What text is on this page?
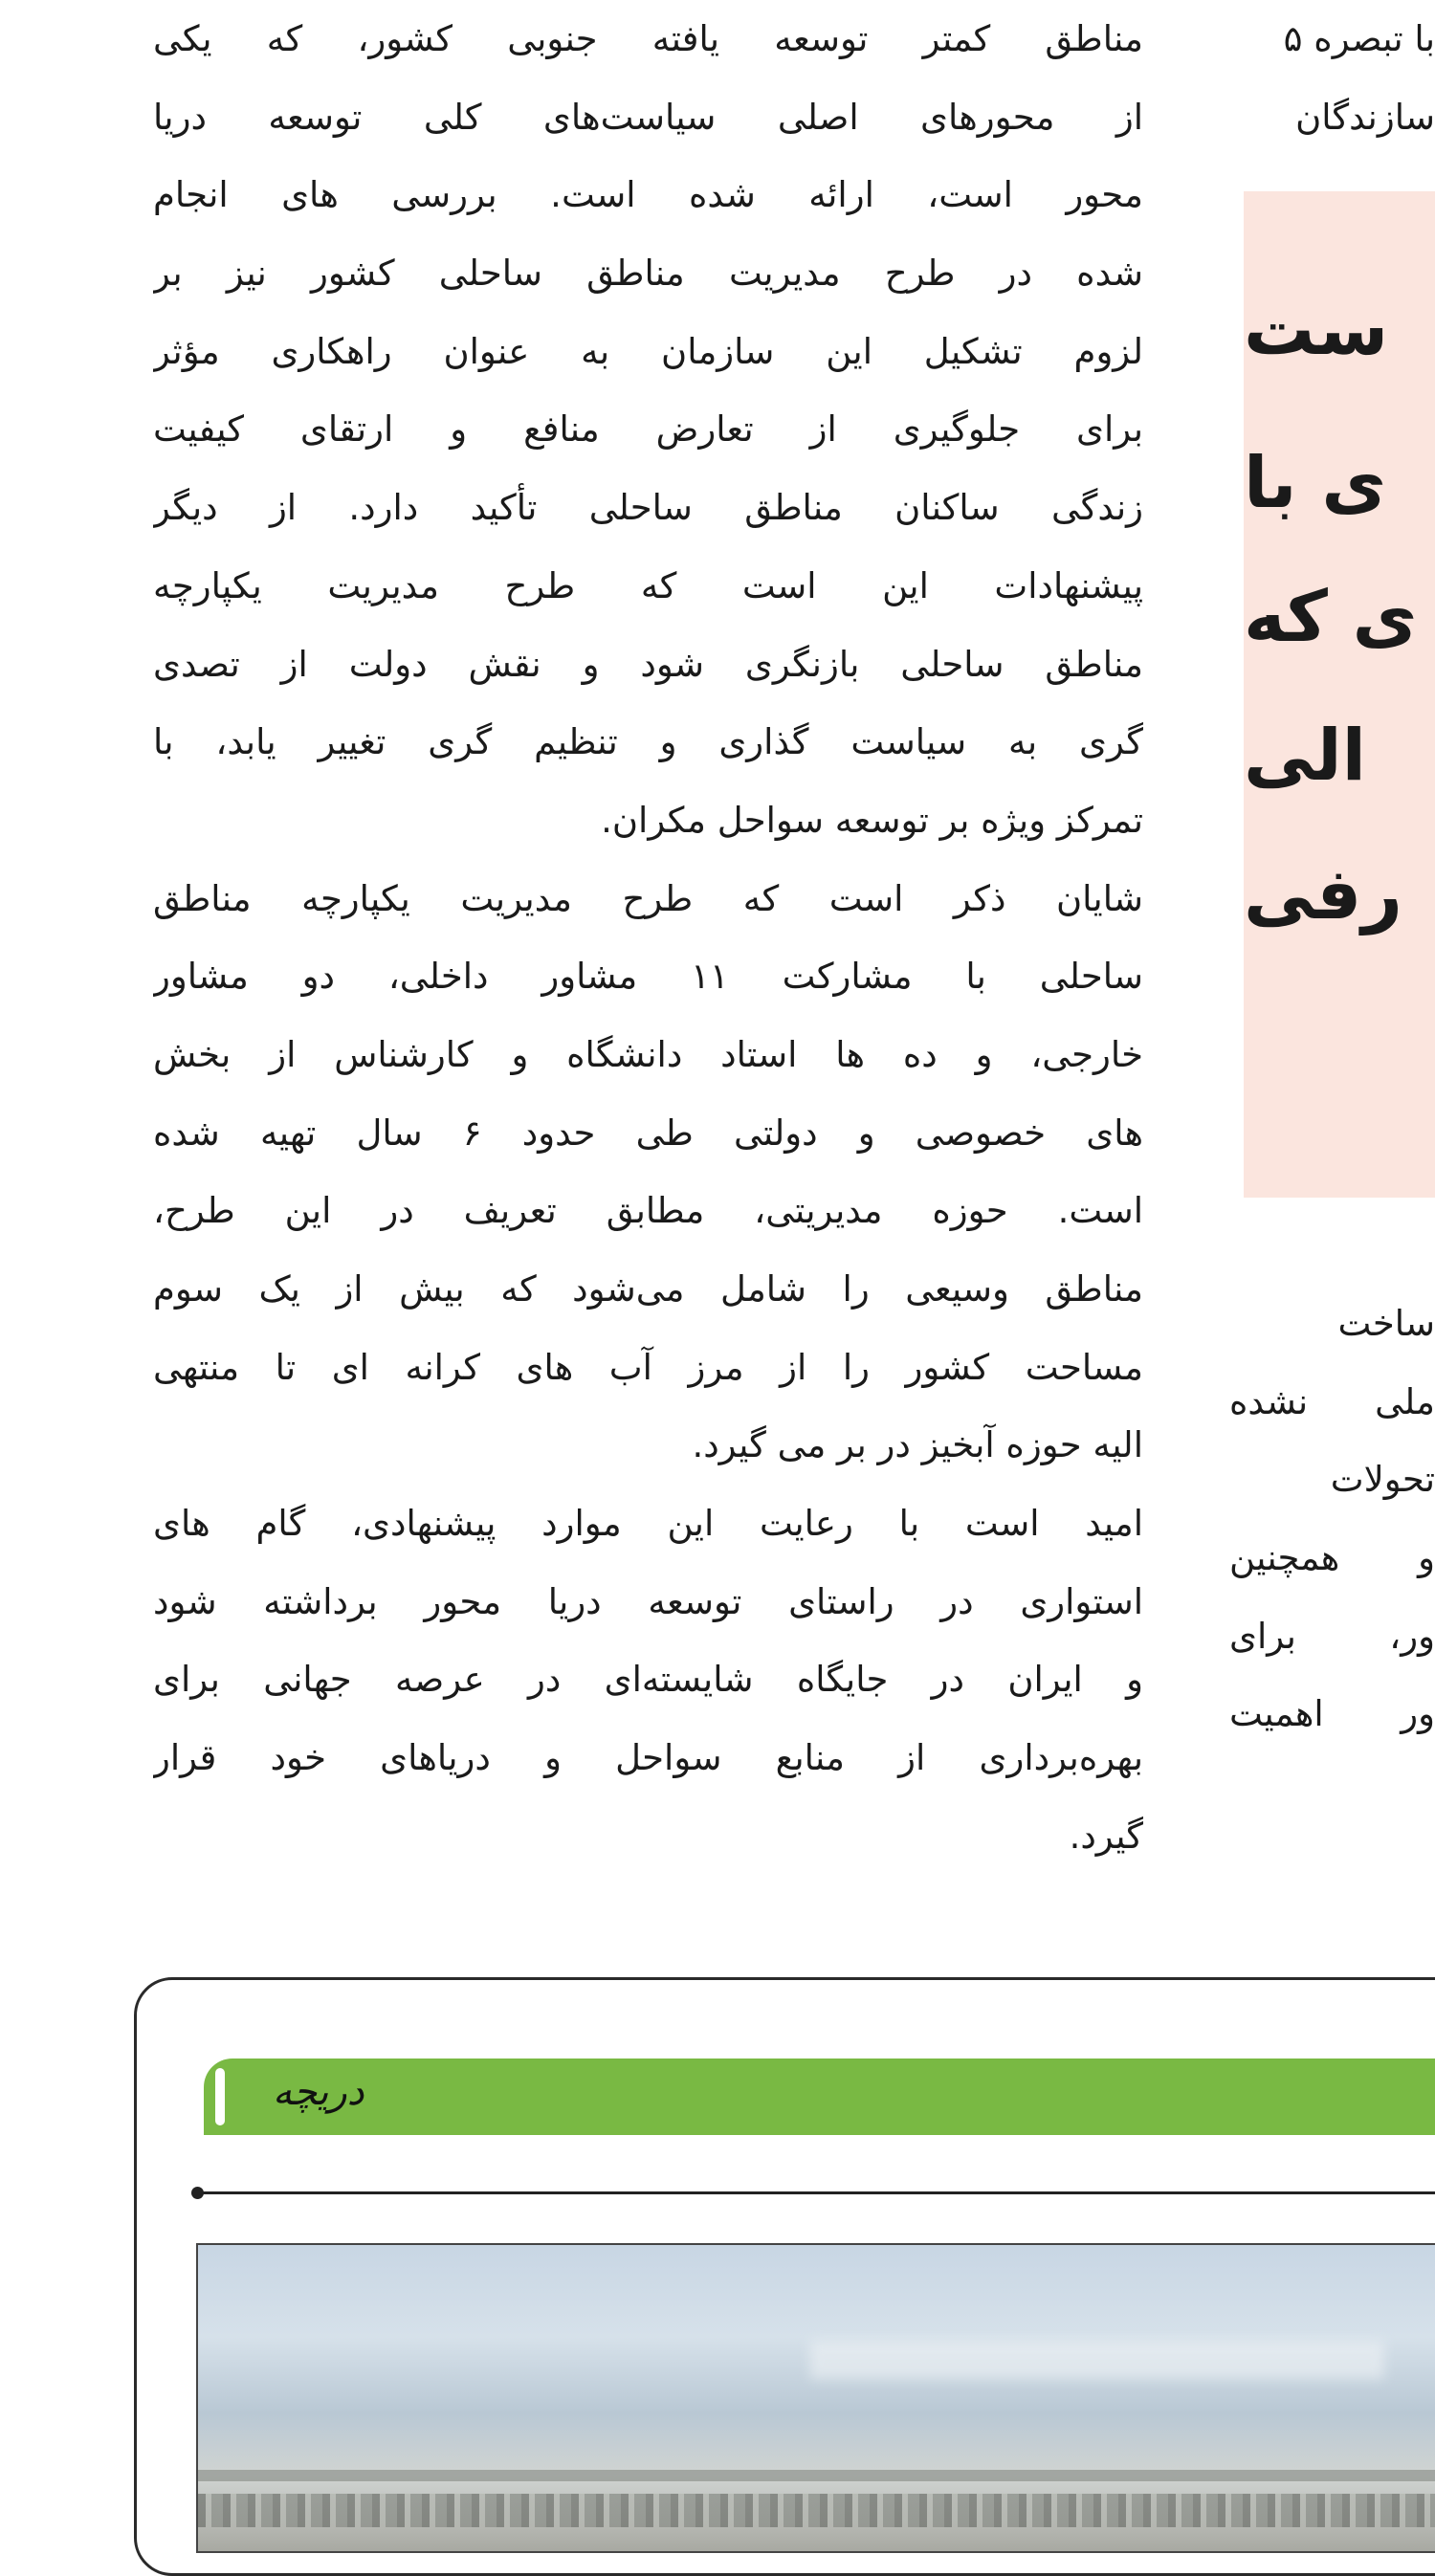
مناطق کمتر توسعه یافته جنوبی کشور، که یکی
از محورهای اصلی سیاست‌های کلی توسعه دریا
محور است، ارائه شده است. بررسی های انجام
شده در طرح مدیریت مناطق ساحلی کشور نیز بر
لزوم تشکیل این سازمان به عنوان راهکاری مؤثر
برای جلوگیری از تعارض منافع و ارتقای کیفیت
زندگی ساکنان مناطق ساحلی تأکید دارد. از دیگر
پیشنهادات این است که طرح مدیریت یکپارچه
مناطق ساحلی بازنگری شود و نقش دولت از تصدی
گری به سیاست گذاری و تنظیم گری تغییر یابد، با
تمرکز ویژه بر توسعه سواحل مکران.
شایان ذکر است که طرح مدیریت یکپارچه مناطق
ساحلی با مشارکت ۱۱ مشاور داخلی، دو مشاور
خارجی، و ده ها استاد دانشگاه و کارشناس از بخش
های خصوصی و دولتی طی حدود ۶ سال تهیه شده
است. حوزه مدیریتی، مطابق تعریف در این طرح،
مناطق وسیعی را شامل می‌شود که بیش از یک سوم
مساحت کشور را از مرز آب های کرانه ای تا منتهی
الیه حوزه آبخیز در بر می گیرد.
امید است با رعایت این موارد پیشنهادی، گام های
استواری در راستای توسعه دریا محور برداشته شود
و ایران در جایگاه شایسته‌ای در عرصه جهانی برای
بهره‌برداری از منابع سواحل و دریاهای خود قرار
گیرد.
با تبصره ۵
سازندگان
ست
ی با
ی که
الی
رفی
ساخت
ملی نشده
تحولات
و همچنین
ور، برای
ور اهمیت
دریچه
